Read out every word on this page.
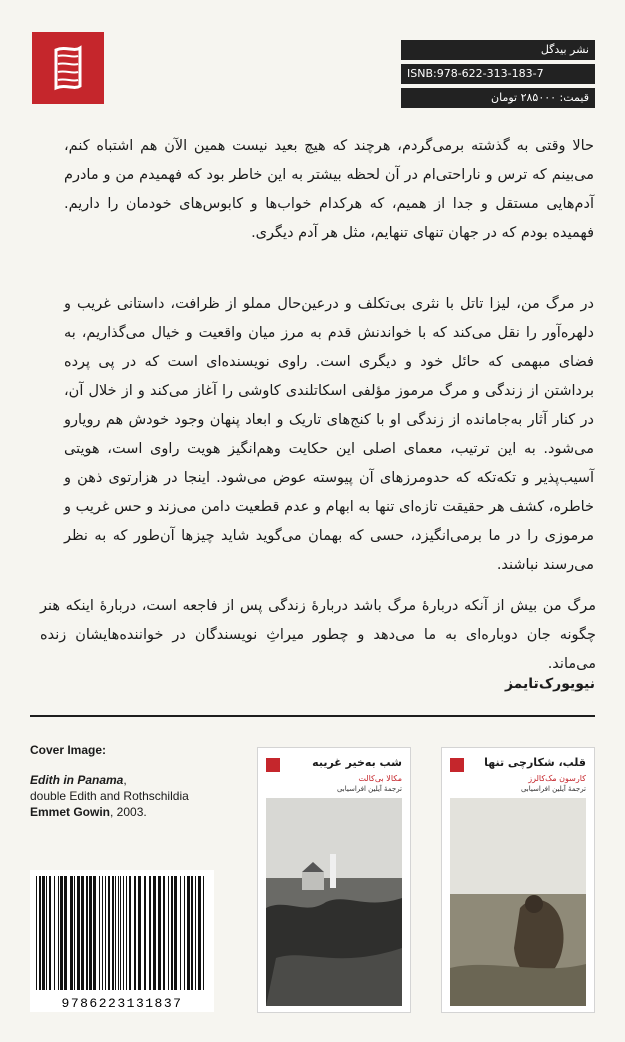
نشر بیدگل
ISNB:978-622-313-183-7
قیمت: ۲۸۵۰۰۰ تومان

حالا وقتی به گذشته برمی‌گردم، هرچند که هیچ بعید نیست همین الآن هم اشتباه کنم، می‌بینم که ترس و ناراحتی‌ام در آن لحظه بیشتر به این خاطر بود که فهمیدم من و مادرم آدم‌هایی مستقل و جدا از همیم، که هرکدام خواب‌ها و کابوس‌های خودمان را داریم. فهمیده بودم که در جهان تنهای تنهایم، مثل هر آدم دیگری.

در مرگ من، لیزا تاتل با نثری بی‌تکلف و درعین‌حال مملو از ظرافت، داستانی غریب و دلهره‌آور را نقل می‌کند که با خواندنش قدم به مرز میان واقعیت و خیال می‌گذاریم، به فضای مبهمی که حائل خود و دیگری است. راوی نویسنده‌ای است که در پی پرده برداشتن از زندگی و مرگ مرموز مؤلفی اسکاتلندی کاوشی را آغاز می‌کند و از خلال آن، در کنار آثار به‌جامانده از زندگی او با کنج‌های تاریک و ابعاد پنهان وجود خودش هم رویارو می‌شود. به این ترتیب، معمای اصلی این حکایت وهم‌انگیز هویت راوی است، هویتی آسیب‌پذیر و تکه‌تکه که حدومرزهای آن پیوسته عوض می‌شود. اینجا در هزارتوی ذهن و خاطره، کشف هر حقیقت تازه‌ای تنها به ابهام و عدم قطعیت دامن می‌زند و حس غریب و مرموزی را در ما برمی‌انگیزد، حسی که بهمان می‌گوید شاید چیزها آن‌طور که به نظر می‌رسند نباشند.

مرگ من بیش از آنکه دربارهٔ مرگ باشد دربارهٔ زندگی پس از فاجعه است، دربارهٔ اینکه هنر چگونه جان دوباره‌ای به ما می‌دهد و چطور میراثِ نویسندگان در خواننده‌هایشان زنده می‌ماند.

نیویورک‌تایمز
Cover Image:
Edith in Panama,
double Edith and Rothschildia
Emmet Gowin, 2003.
9786223131837
شب به‌خیر غریبه
مکالا بی‌کالت
ترجمهٔ آیلین افراسیابی
قلب، شکارچی تنها
کارسون مک‌کالرز
ترجمهٔ آیلین افراسیابی
